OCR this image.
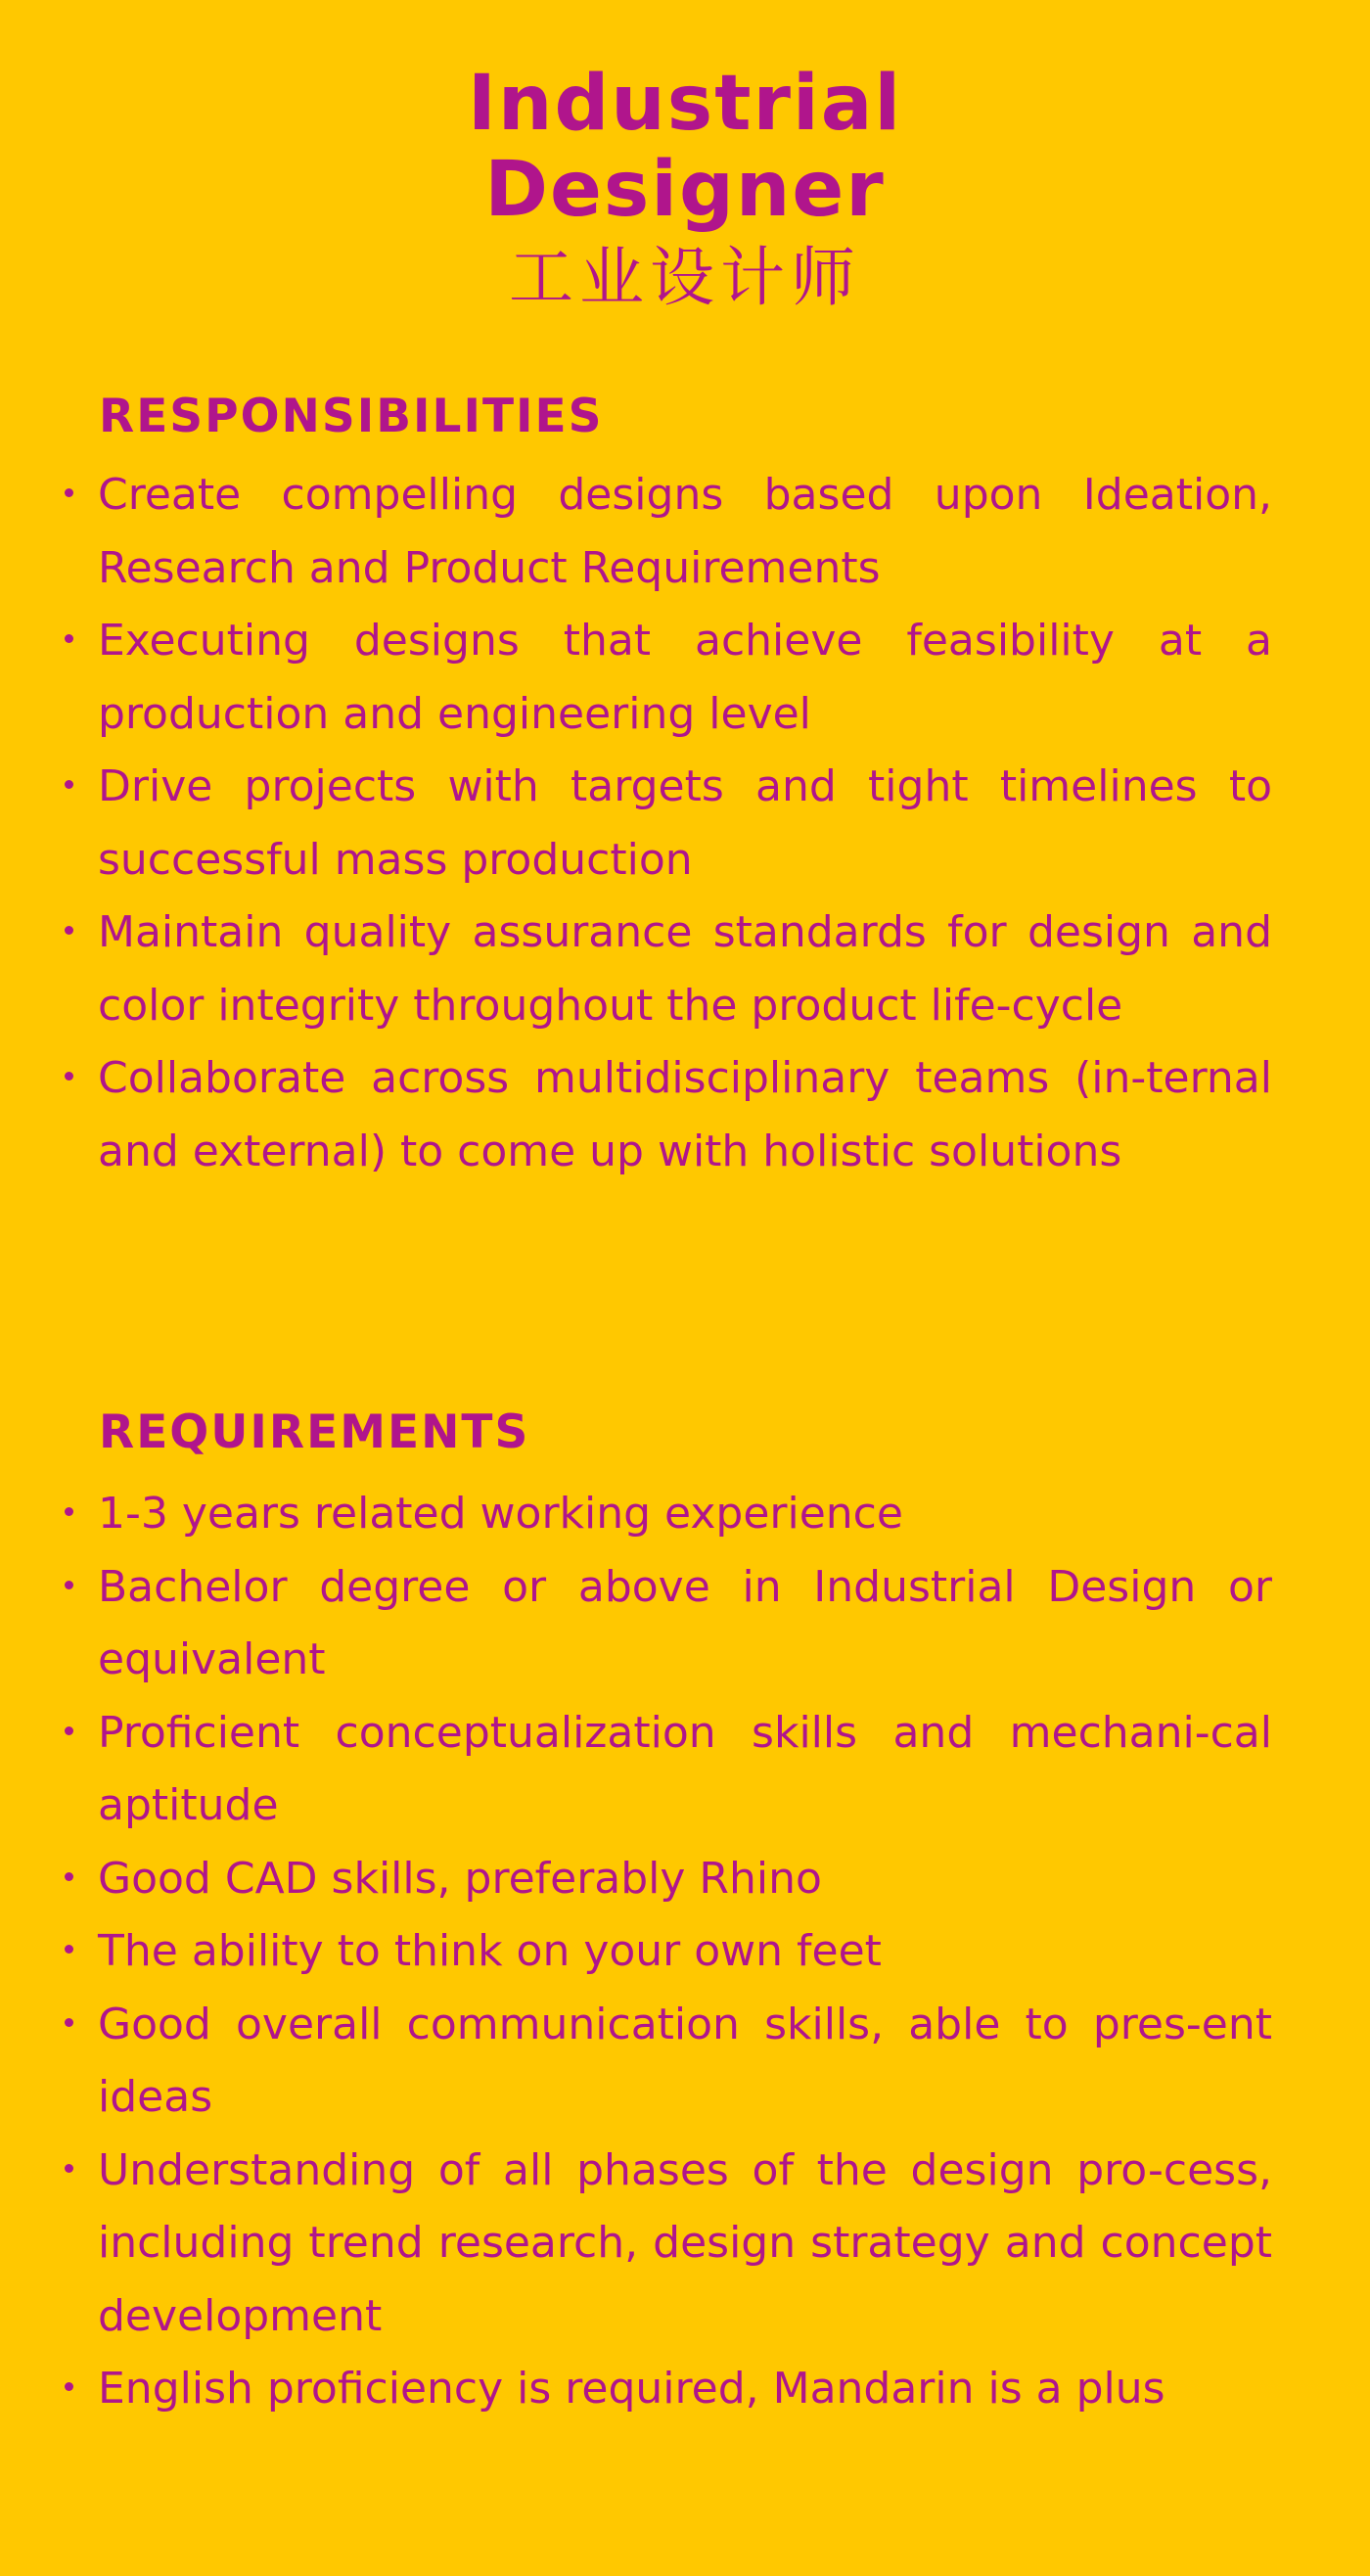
Industrial
Designer
工业设计师
RESPONSIBILITIES
Create compelling designs based upon Ideation, Research and Product Requirements
Executing designs that achieve feasibility at a production and engineering level
Drive projects with targets and tight timelines to successful mass production
Maintain quality assurance standards for design and color integrity throughout the product life-cycle
Collaborate across multidisciplinary teams (in-ternal and external) to come up with holistic solutions
REQUIREMENTS
1-3 years related working experience
Bachelor degree or above in Industrial Design or equivalent
Proficient conceptualization skills and mechani-cal aptitude
Good CAD skills, preferably Rhino
The ability to think on your own feet
Good overall communication skills, able to pres-ent ideas
Understanding of all phases of the design pro-cess, including trend research, design strategy and concept development
English proficiency is required, Mandarin is a plus
